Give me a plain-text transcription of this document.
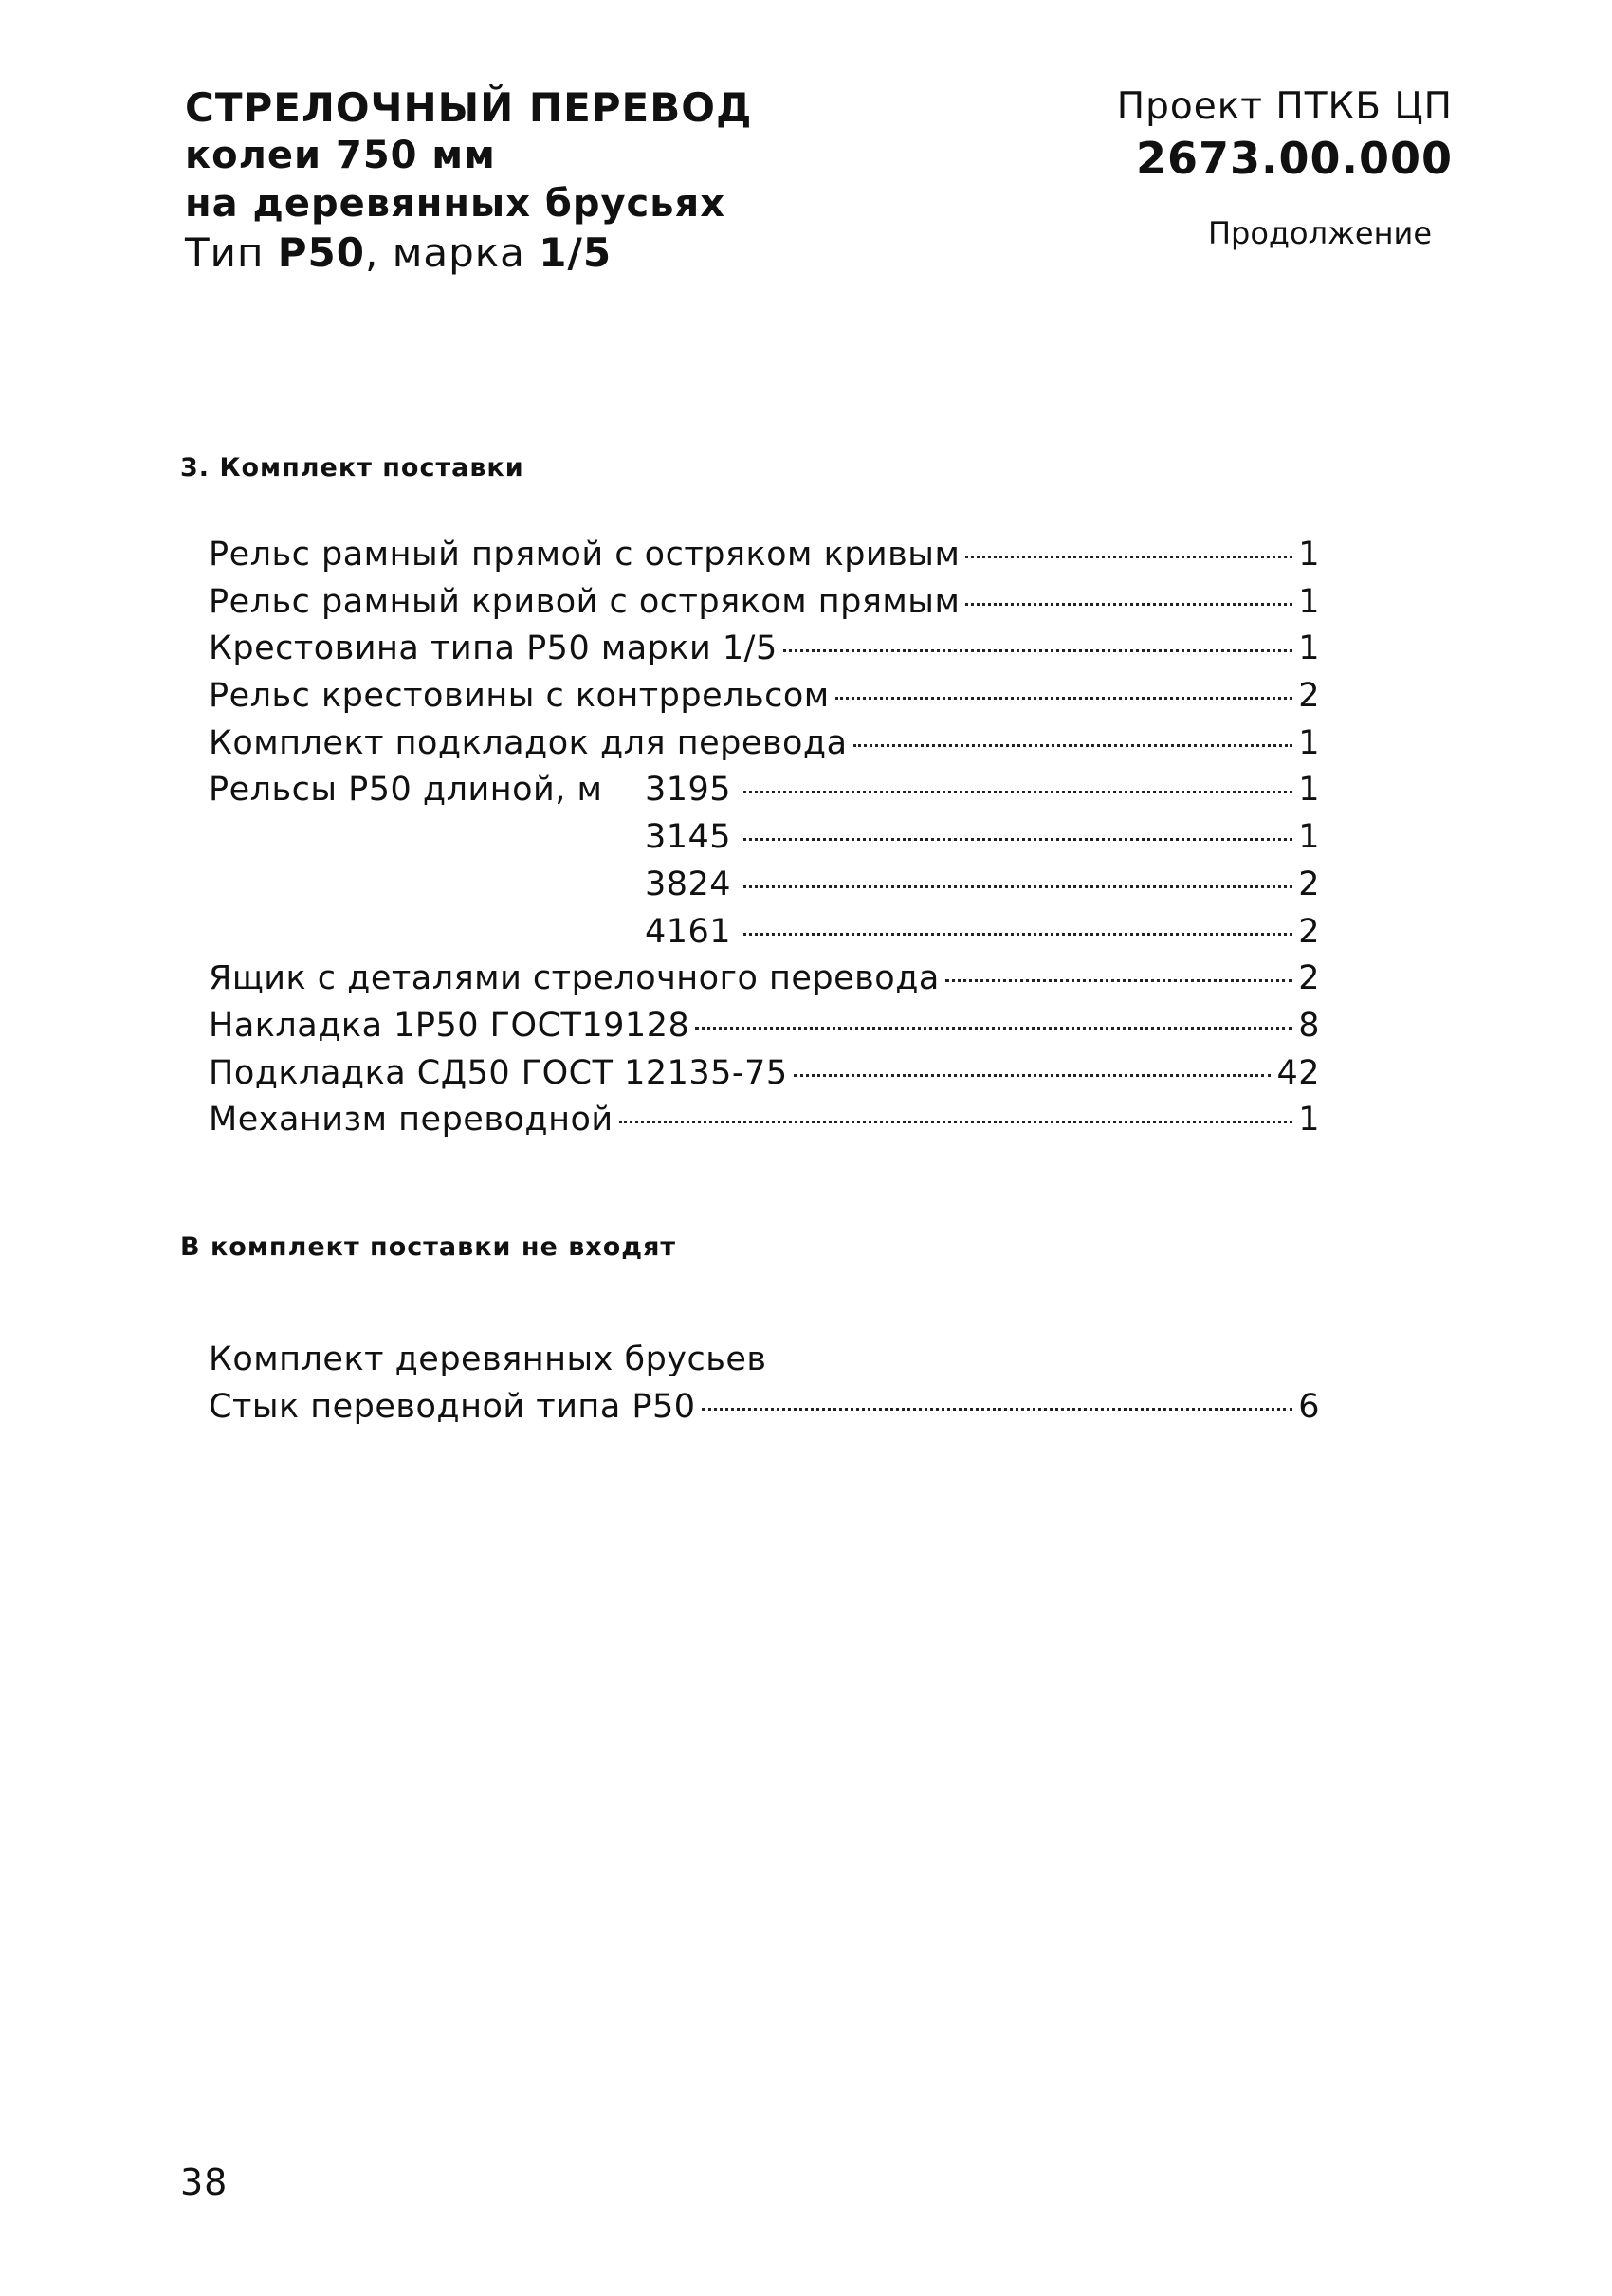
СТРЕЛОЧНЫЙ ПЕРЕВОД
колеи 750 мм
на деревянных брусьях
Тип Р50, марка 1/5
Проект ПТКБ ЦП
2673.00.000
Продолжение
3. Комплект поставки
Рельс рамный прямой с остряком кривым	1
Рельс рамный кривой с остряком прямым	1
Крестовина типа Р50 марки 1/5	1
Рельс крестовины с контррельсом	2
Комплект подкладок для перевода	1
Рельсы Р50 длиной, м	3195	1
3145	1
3824	2
4161	2
Ящик с деталями стрелочного перевода	2
Накладка 1Р50 ГОСТ19128	8
Подкладка СД50 ГОСТ 12135-75	42
Механизм переводной	1
В комплект поставки не входят
Комплект деревянных брусьев
Стык переводной типа Р50	6
38
